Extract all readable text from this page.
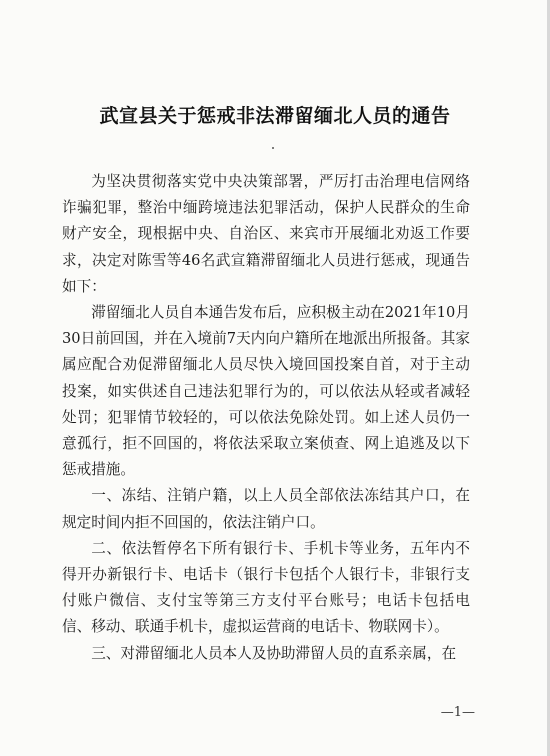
武宣县关于惩戒非法滞留缅北人员的通告

为坚决贯彻落实党中央决策部署，严厉打击治理电信网络诈骗犯罪，整治中缅跨境违法犯罪活动，保护人民群众的生命财产安全，现根据中央、自治区、来宾市开展缅北劝返工作要求，决定对陈雪等46名武宣籍滞留缅北人员进行惩戒，现通告如下：

滞留缅北人员自本通告发布后，应积极主动在2021年10月30日前回国，并在入境前7天内向户籍所在地派出所报备。其家属应配合劝促滞留缅北人员尽快入境回国投案自首，对于主动投案，如实供述自己违法犯罪行为的，可以依法从轻或者减轻处罚；犯罪情节较轻的，可以依法免除处罚。如上述人员仍一意孤行，拒不回国的，将依法采取立案侦查、网上追逃及以下惩戒措施。

一、冻结、注销户籍，以上人员全部依法冻结其户口，在规定时间内拒不回国的，依法注销户口。

二、依法暂停名下所有银行卡、手机卡等业务，五年内不得开办新银行卡、电话卡（银行卡包括个人银行卡，非银行支付账户微信、支付宝等第三方支付平台账号；电话卡包括电信、移动、联通手机卡，虚拟运营商的电话卡、物联网卡）。

三、对滞留缅北人员本人及协助滞留人员的直系亲属，在

—1—
